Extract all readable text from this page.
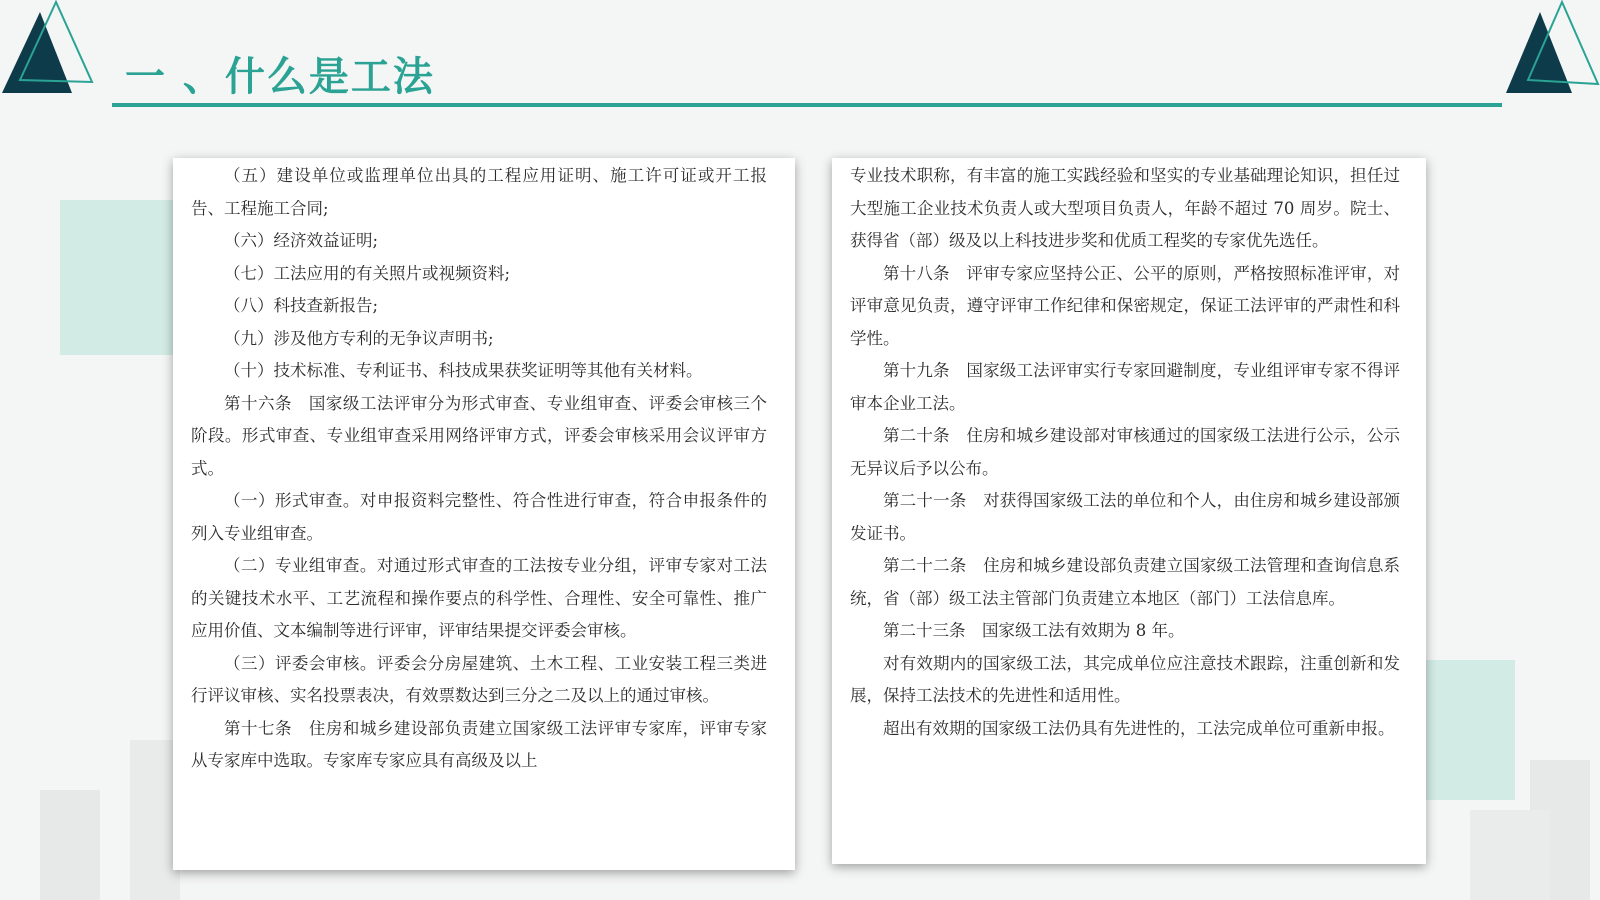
一 、什么是工法

（五）建设单位或监理单位出具的工程应用证明、施工许可证或开工报告、工程施工合同;

（六）经济效益证明;

（七）工法应用的有关照片或视频资料;

（八）科技查新报告;

（九）涉及他方专利的无争议声明书;

（十）技术标准、专利证书、科技成果获奖证明等其他有关材料。

第十六条　国家级工法评审分为形式审查、专业组审查、评委会审核三个阶段。形式审查、专业组审查采用网络评审方式，评委会审核采用会议评审方式。

（一）形式审查。对申报资料完整性、符合性进行审查，符合申报条件的列入专业组审查。

（二）专业组审查。对通过形式审查的工法按专业分组，评审专家对工法的关键技术水平、工艺流程和操作要点的科学性、合理性、安全可靠性、推广应用价值、文本编制等进行评审，评审结果提交评委会审核。

（三）评委会审核。评委会分房屋建筑、土木工程、工业安装工程三类进行评议审核、实名投票表决，有效票数达到三分之二及以上的通过审核。

第十七条　住房和城乡建设部负责建立国家级工法评审专家库，评审专家从专家库中选取。专家库专家应具有高级及以上

专业技术职称，有丰富的施工实践经验和坚实的专业基础理论知识，担任过大型施工企业技术负责人或大型项目负责人，年龄不超过 70 周岁。院士、获得省（部）级及以上科技进步奖和优质工程奖的专家优先选任。

第十八条　评审专家应坚持公正、公平的原则，严格按照标准评审，对评审意见负责，遵守评审工作纪律和保密规定，保证工法评审的严肃性和科学性。

第十九条　国家级工法评审实行专家回避制度，专业组评审专家不得评审本企业工法。

第二十条　住房和城乡建设部对审核通过的国家级工法进行公示，公示无异议后予以公布。

第二十一条　对获得国家级工法的单位和个人，由住房和城乡建设部颁发证书。

第二十二条　住房和城乡建设部负责建立国家级工法管理和查询信息系统，省（部）级工法主管部门负责建立本地区（部门）工法信息库。

第二十三条　国家级工法有效期为 8 年。

对有效期内的国家级工法，其完成单位应注意技术跟踪，注重创新和发展，保持工法技术的先进性和适用性。

超出有效期的国家级工法仍具有先进性的，工法完成单位可重新申报。
